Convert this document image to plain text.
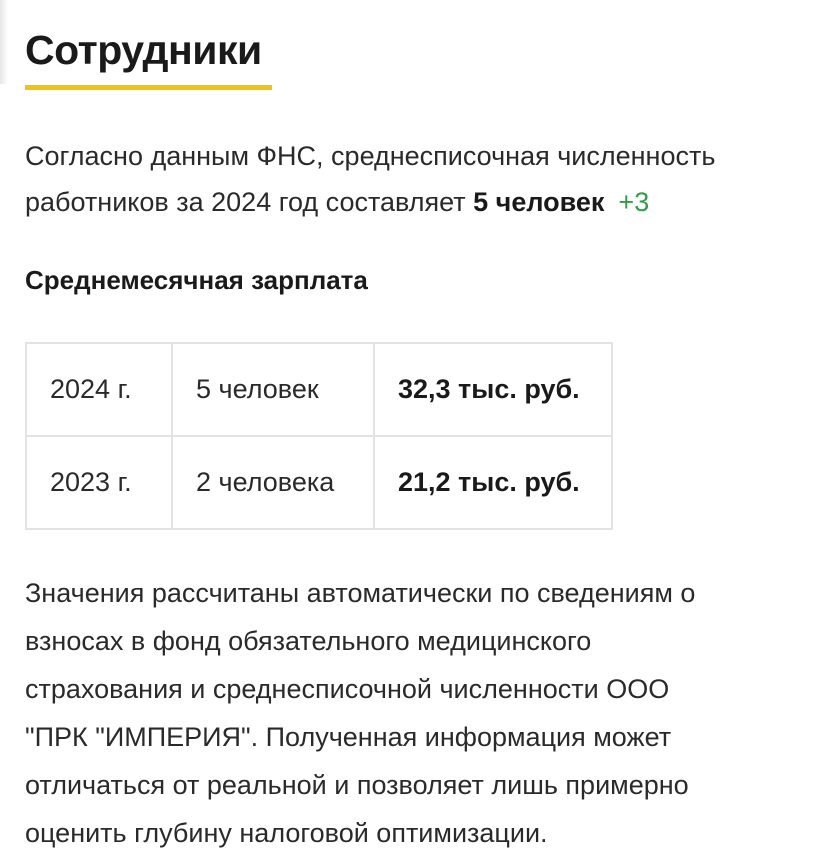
Сотрудники

Согласно данным ФНС, среднесписочная численность
работников за 2024 год составляет 5 человек +3

Среднемесячная зарплата
2024 г.	5 человек	32,3 тыс. руб.
2023 г.	2 человека	21,2 тыс. руб.

Значения рассчитаны автоматически по сведениям о
взносах в фонд обязательного медицинского
страхования и среднесписочной численности ООО
"ПРК "ИМПЕРИЯ". Полученная информация может
отличаться от реальной и позволяет лишь примерно
оценить глубину налоговой оптимизации.
